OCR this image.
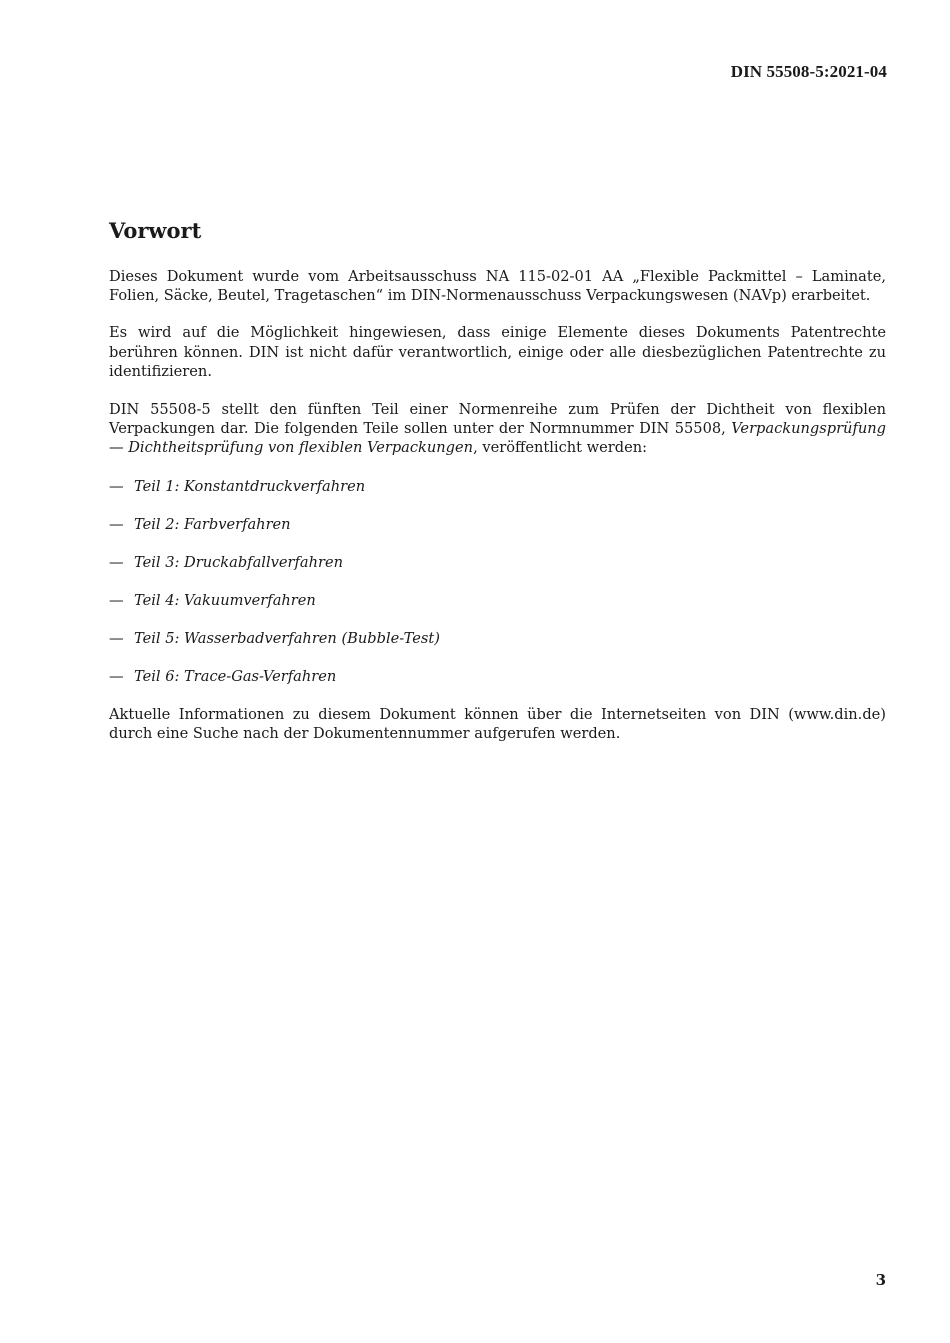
DIN 55508-5:2021-04
Vorwort

Dieses Dokument wurde vom Arbeitsausschuss NA 115-02-01 AA „Flexible Packmittel – Laminate, Folien, Säcke, Beutel, Tragetaschen“ im DIN-Normenausschuss Verpackungswesen (NAVp) erarbeitet.

Es wird auf die Möglichkeit hingewiesen, dass einige Elemente dieses Dokuments Patentrechte berühren können. DIN ist nicht dafür verantwortlich, einige oder alle diesbezüglichen Patentrechte zu identifizieren.

DIN 55508-5 stellt den fünften Teil einer Normenreihe zum Prüfen der Dichtheit von flexiblen Verpackungen dar. Die folgenden Teile sollen unter der Normnummer DIN 55508, Verpackungsprüfung — Dichtheitsprüfung von flexiblen Verpackungen, veröffentlicht werden:

— Teil 1: Konstantdruckverfahren
— Teil 2: Farbverfahren
— Teil 3: Druckabfallverfahren
— Teil 4: Vakuumverfahren
— Teil 5: Wasserbadverfahren (Bubble-Test)
— Teil 6: Trace-Gas-Verfahren

Aktuelle Informationen zu diesem Dokument können über die Internetseiten von DIN (www.din.de) durch eine Suche nach der Dokumentennummer aufgerufen werden.

3
